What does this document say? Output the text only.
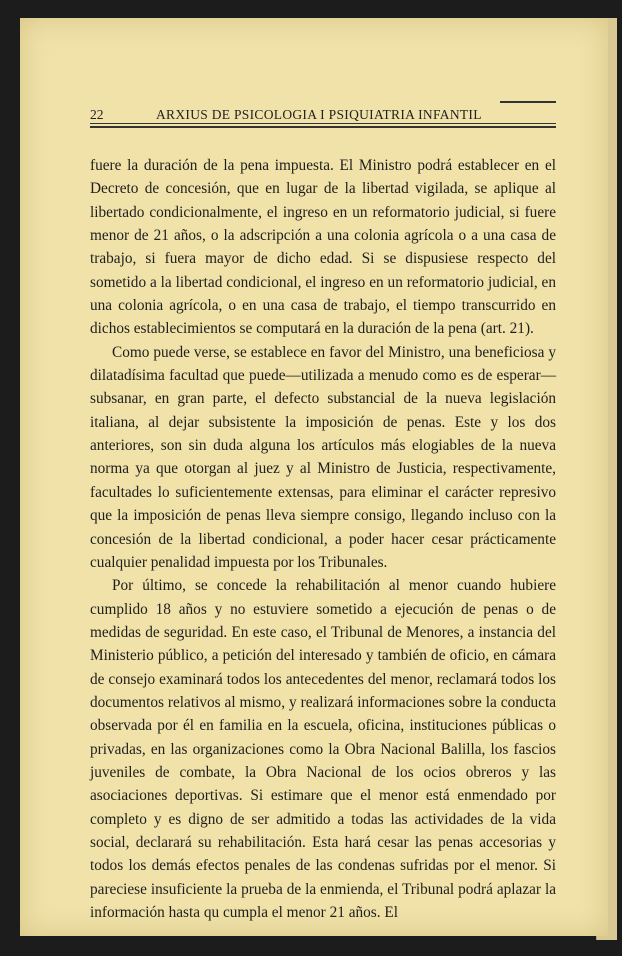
22	ARXIUS DE PSICOLOGIA I PSIQUIATRIA INFANTIL

fuere la duración de la pena impuesta. El Ministro podrá establecer en el Decreto de concesión, que en lugar de la libertad vigilada, se aplique al libertado condicionalmente, el ingreso en un reformatorio judicial, si fuere menor de 21 años, o la adscripción a una colonia agrícola o a una casa de trabajo, si fuera mayor de dicho edad. Si se dispusiese respecto del sometido a la libertad condicional, el ingreso en un reformatorio judicial, en una colonia agrícola, o en una casa de trabajo, el tiempo transcurrido en dichos establecimientos se computará en la duración de la pena (art. 21).

Como puede verse, se establece en favor del Ministro, una beneficiosa y dilatadísima facultad que puede—utilizada a menudo como es de esperar—subsanar, en gran parte, el defecto substancial de la nueva legislación italiana, al dejar subsistente la imposición de penas. Este y los dos anteriores, son sin duda alguna los artículos más elogiables de la nueva norma ya que otorgan al juez y al Ministro de Justicia, respectivamente, facultades lo suficientemente extensas, para eliminar el carácter represivo que la imposición de penas lleva siempre consigo, llegando incluso con la concesión de la libertad condicional, a poder hacer cesar prácticamente cualquier penalidad impuesta por los Tribunales.

Por último, se concede la rehabilitación al menor cuando hubiere cumplido 18 años y no estuviere sometido a ejecución de penas o de medidas de seguridad. En este caso, el Tribunal de Menores, a instancia del Ministerio público, a petición del interesado y también de oficio, en cámara de consejo examinará todos los antecedentes del menor, reclamará todos los documentos relativos al mismo, y realizará informaciones sobre la conducta observada por él en familia en la escuela, oficina, instituciones públicas o privadas, en las organizaciones como la Obra Nacional Balilla, los fascios juveniles de combate, la Obra Nacional de los ocios obreros y las asociaciones deportivas. Si estimare que el menor está enmendado por completo y es digno de ser admitido a todas las actividades de la vida social, declarará su rehabilitación. Esta hará cesar las penas accesorias y todos los demás efectos penales de las condenas sufridas por el menor. Si pareciese insuficiente la prueba de la enmienda, el Tribunal podrá aplazar la información hasta qu cumpla el menor 21 años. El
